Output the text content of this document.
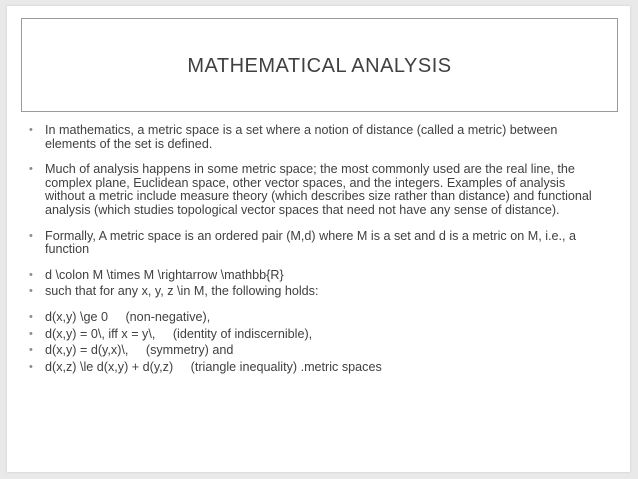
MATHEMATICAL ANALYSIS
• In mathematics, a metric space is a set where a notion of distance (called a metric) between elements of the set is defined.
• Much of analysis happens in some metric space; the most commonly used are the real line, the complex plane, Euclidean space, other vector spaces, and the integers. Examples of analysis without a metric include measure theory (which describes size rather than distance) and functional analysis (which studies topological vector spaces that need not have any sense of distance).
• Formally, A metric space is an ordered pair (M,d) where M is a set and d is a metric on M, i.e., a function
• d \colon M \times M \rightarrow \mathbb{R}
• such that for any x, y, z \in M, the following holds:
• d(x,y) \ge 0     (non-negative),
• d(x,y) = 0\, iff x = y\,     (identity of indiscernible),
• d(x,y) = d(y,x)\,     (symmetry) and
• d(x,z) \le d(x,y) + d(y,z)     (triangle inequality) .metric spaces
